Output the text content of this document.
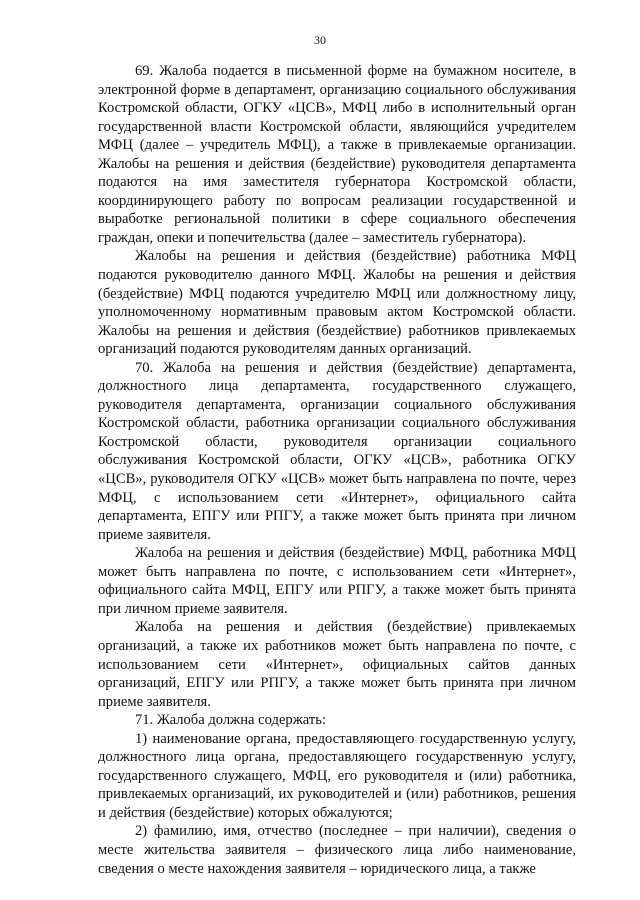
30

69. Жалоба подается в письменной форме на бумажном носителе, в электронной форме в департамент, организацию социального обслуживания Костромской области, ОГКУ «ЦСВ», МФЦ либо в исполнительный орган государственной власти Костромской области, являющийся учредителем МФЦ (далее – учредитель МФЦ), а также в привлекаемые организации. Жалобы на решения и действия (бездействие) руководителя департамента подаются на имя заместителя губернатора Костромской области, координирующего работу по вопросам реализации государственной и выработке региональной политики в сфере социального обеспечения граждан, опеки и попечительства (далее – заместитель губернатора).

Жалобы на решения и действия (бездействие) работника МФЦ подаются руководителю данного МФЦ. Жалобы на решения и действия (бездействие) МФЦ подаются учредителю МФЦ или должностному лицу, уполномоченному нормативным правовым актом Костромской области. Жалобы на решения и действия (бездействие) работников привлекаемых организаций подаются руководителям данных организаций.

70. Жалоба на решения и действия (бездействие) департамента, должностного лица департамента, государственного служащего, руководителя департамента, организации социального обслуживания Костромской области, работника организации социального обслуживания Костромской области, руководителя организации социального обслуживания Костромской области, ОГКУ «ЦСВ», работника ОГКУ «ЦСВ», руководителя ОГКУ «ЦСВ» может быть направлена по почте, через МФЦ, с использованием сети «Интернет», официального сайта департамента, ЕПГУ или РПГУ, а также может быть принята при личном приеме заявителя.

Жалоба на решения и действия (бездействие) МФЦ, работника МФЦ может быть направлена по почте, с использованием сети «Интернет», официального сайта МФЦ, ЕПГУ или РПГУ, а также может быть принята при личном приеме заявителя.

Жалоба на решения и действия (бездействие) привлекаемых организаций, а также их работников может быть направлена по почте, с использованием сети «Интернет», официальных сайтов данных организаций, ЕПГУ или РПГУ, а также может быть принята при личном приеме заявителя.

71. Жалоба должна содержать:

1) наименование органа, предоставляющего государственную услугу, должностного лица органа, предоставляющего государственную услугу, государственного служащего, МФЦ, его руководителя и (или) работника, привлекаемых организаций, их руководителей и (или) работников, решения и действия (бездействие) которых обжалуются;

2) фамилию, имя, отчество (последнее – при наличии), сведения о месте жительства заявителя – физического лица либо наименование, сведения о месте нахождения заявителя – юридического лица, а также
